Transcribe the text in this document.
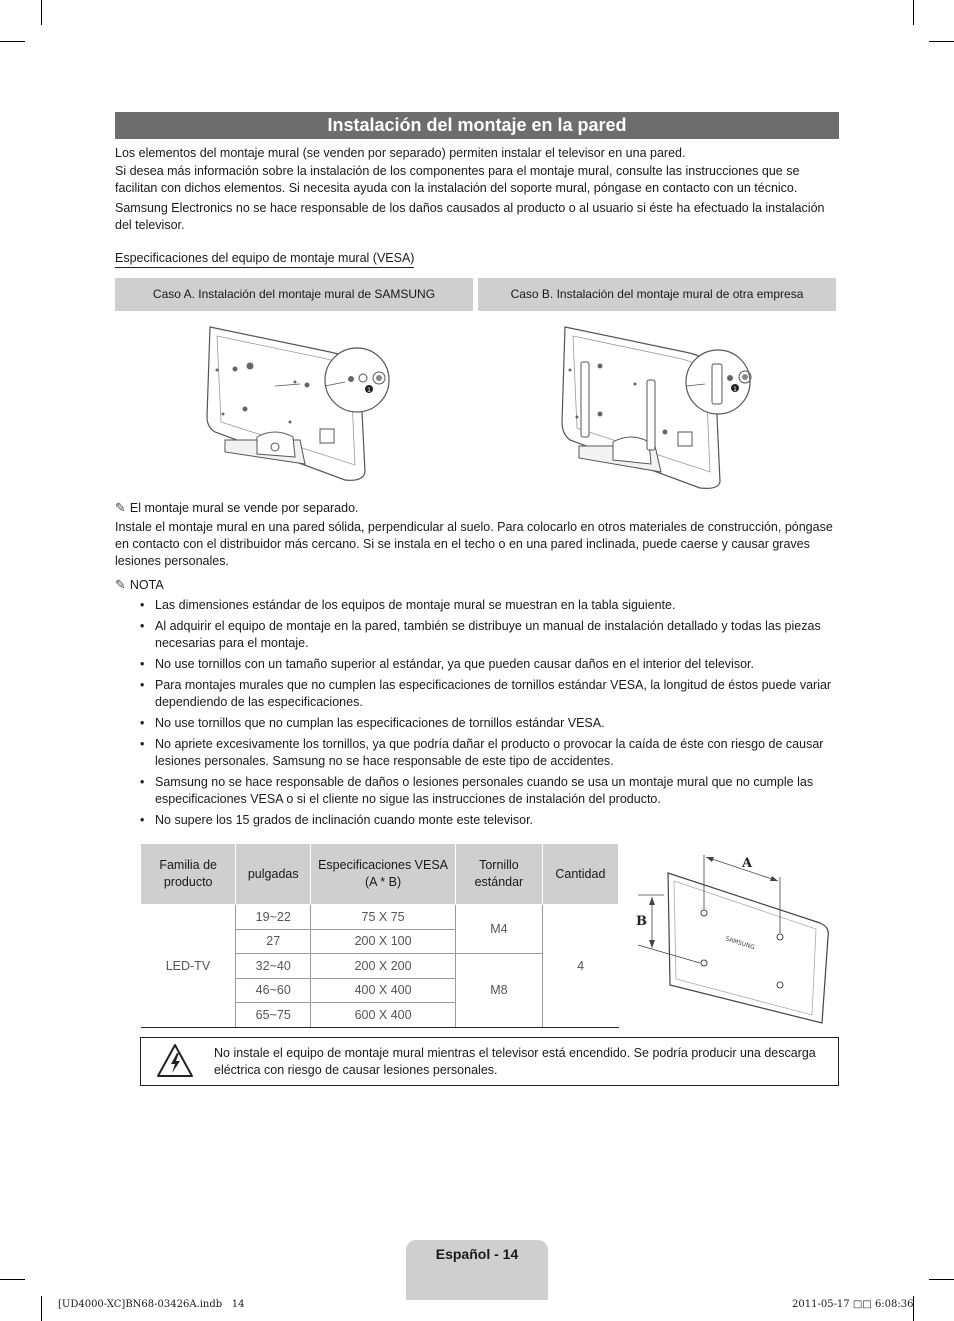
Instalación del montaje en la pared

Los elementos del montaje mural (se venden por separado) permiten instalar el televisor en una pared.

Si desea más información sobre la instalación de los componentes para el montaje mural, consulte las instrucciones que se facilitan con dichos elementos. Si necesita ayuda con la instalación del soporte mural, póngase en contacto con un técnico.

Samsung Electronics no se hace responsable de los daños causados al producto o al usuario si éste ha efectuado la instalación del televisor.

Especificaciones del equipo de montaje mural (VESA)
Caso A. Instalación del montaje mural de SAMSUNG	Caso B. Instalación del montaje mural de otra empresa
1	1
✎ El montaje mural se vende por separado.

Instale el montaje mural en una pared sólida, perpendicular al suelo. Para colocarlo en otros materiales de construcción, póngase en contacto con el distribuidor más cercano. Si se instala en el techo o en una pared inclinada, puede caerse y causar graves lesiones personales.

✎ NOTA
• Las dimensiones estándar de los equipos de montaje mural se muestran en la tabla siguiente.
• Al adquirir el equipo de montaje en la pared, también se distribuye un manual de instalación detallado y todas las piezas necesarias para el montaje.
• No use tornillos con un tamaño superior al estándar, ya que pueden causar daños en el interior del televisor.
• Para montajes murales que no cumplen las especificaciones de tornillos estándar VESA, la longitud de éstos puede variar dependiendo de las especificaciones.
• No use tornillos que no cumplan las especificaciones de tornillos estándar VESA.
• No apriete excesivamente los tornillos, ya que podría dañar el producto o provocar la caída de éste con riesgo de causar lesiones personales. Samsung no se hace responsable de este tipo de accidentes.
• Samsung no se hace responsable de daños o lesiones personales cuando se usa un montaje mural que no cumple las especificaciones VESA o si el cliente no sigue las instrucciones de instalación del producto.
• No supere los 15 grados de inclinación cuando monte este televisor.
Familia de producto	pulgadas	Especificaciones VESA (A * B)	Tornillo estándar	Cantidad
LED-TV	19~22	75 X 75	M4	4
	27	200 X 100		
	32~40	200 X 200	M8	
	46~60	400 X 400		
	65~75	600 X 400		
SAMSUNG
A
B
No instale el equipo de montaje mural mientras el televisor está encendido. Se podría producir una descarga eléctrica con riesgo de causar lesiones personales.
Español - 14
[UD4000-XC]BN68-03426A.indb   14	2011-05-17 □□ 6:08:36
